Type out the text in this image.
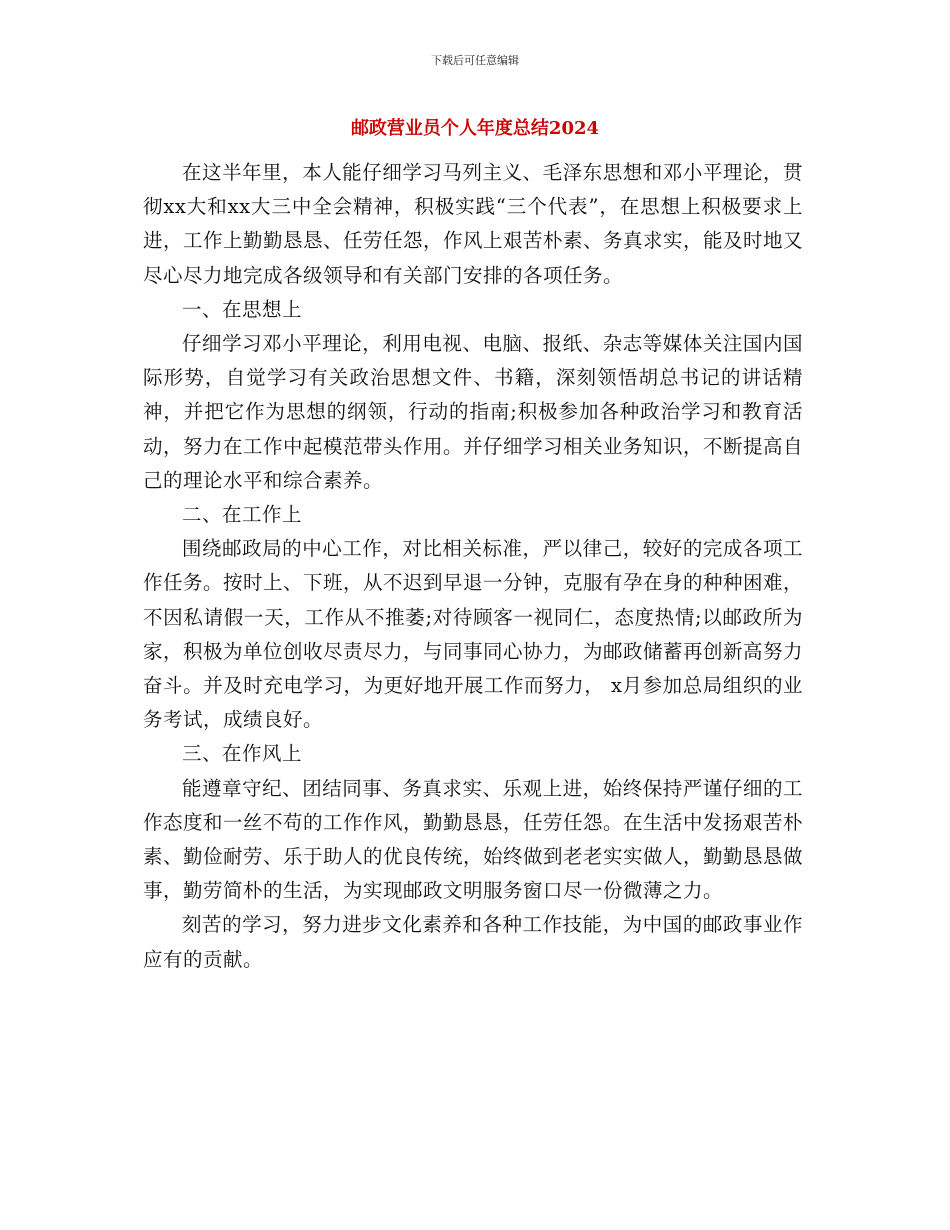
下载后可任意编辑
邮政营业员个人年度总结2024

在这半年里，本人能仔细学习马列主义、毛泽东思想和邓小平理论，贯彻xx大和xx大三中全会精神，积极实践“三个代表”，在思想上积极要求上进，工作上勤勤恳恳、任劳任怨，作风上艰苦朴素、务真求实，能及时地又尽心尽力地完成各级领导和有关部门安排的各项任务。

一、在思想上

仔细学习邓小平理论，利用电视、电脑、报纸、杂志等媒体关注国内国际形势，自觉学习有关政治思想文件、书籍，深刻领悟胡总书记的讲话精神，并把它作为思想的纲领，行动的指南;积极参加各种政治学习和教育活动，努力在工作中起模范带头作用。并仔细学习相关业务知识，不断提高自己的理论水平和综合素养。

二、在工作上

围绕邮政局的中心工作，对比相关标准，严以律己，较好的完成各项工作任务。按时上、下班，从不迟到早退一分钟，克服有孕在身的种种困难，不因私请假一天，工作从不推萎;对待顾客一视同仁，态度热情;以邮政所为家，积极为单位创收尽责尽力，与同事同心协力，为邮政储蓄再创新高努力奋斗。并及时充电学习，为更好地开展工作而努力， x月参加总局组织的业务考试，成绩良好。

三、在作风上

能遵章守纪、团结同事、务真求实、乐观上进，始终保持严谨仔细的工作态度和一丝不苟的工作作风，勤勤恳恳，任劳任怨。在生活中发扬艰苦朴素、勤俭耐劳、乐于助人的优良传统，始终做到老老实实做人，勤勤恳恳做事，勤劳简朴的生活，为实现邮政文明服务窗口尽一份微薄之力。

刻苦的学习，努力进步文化素养和各种工作技能，为中国的邮政事业作应有的贡献。
